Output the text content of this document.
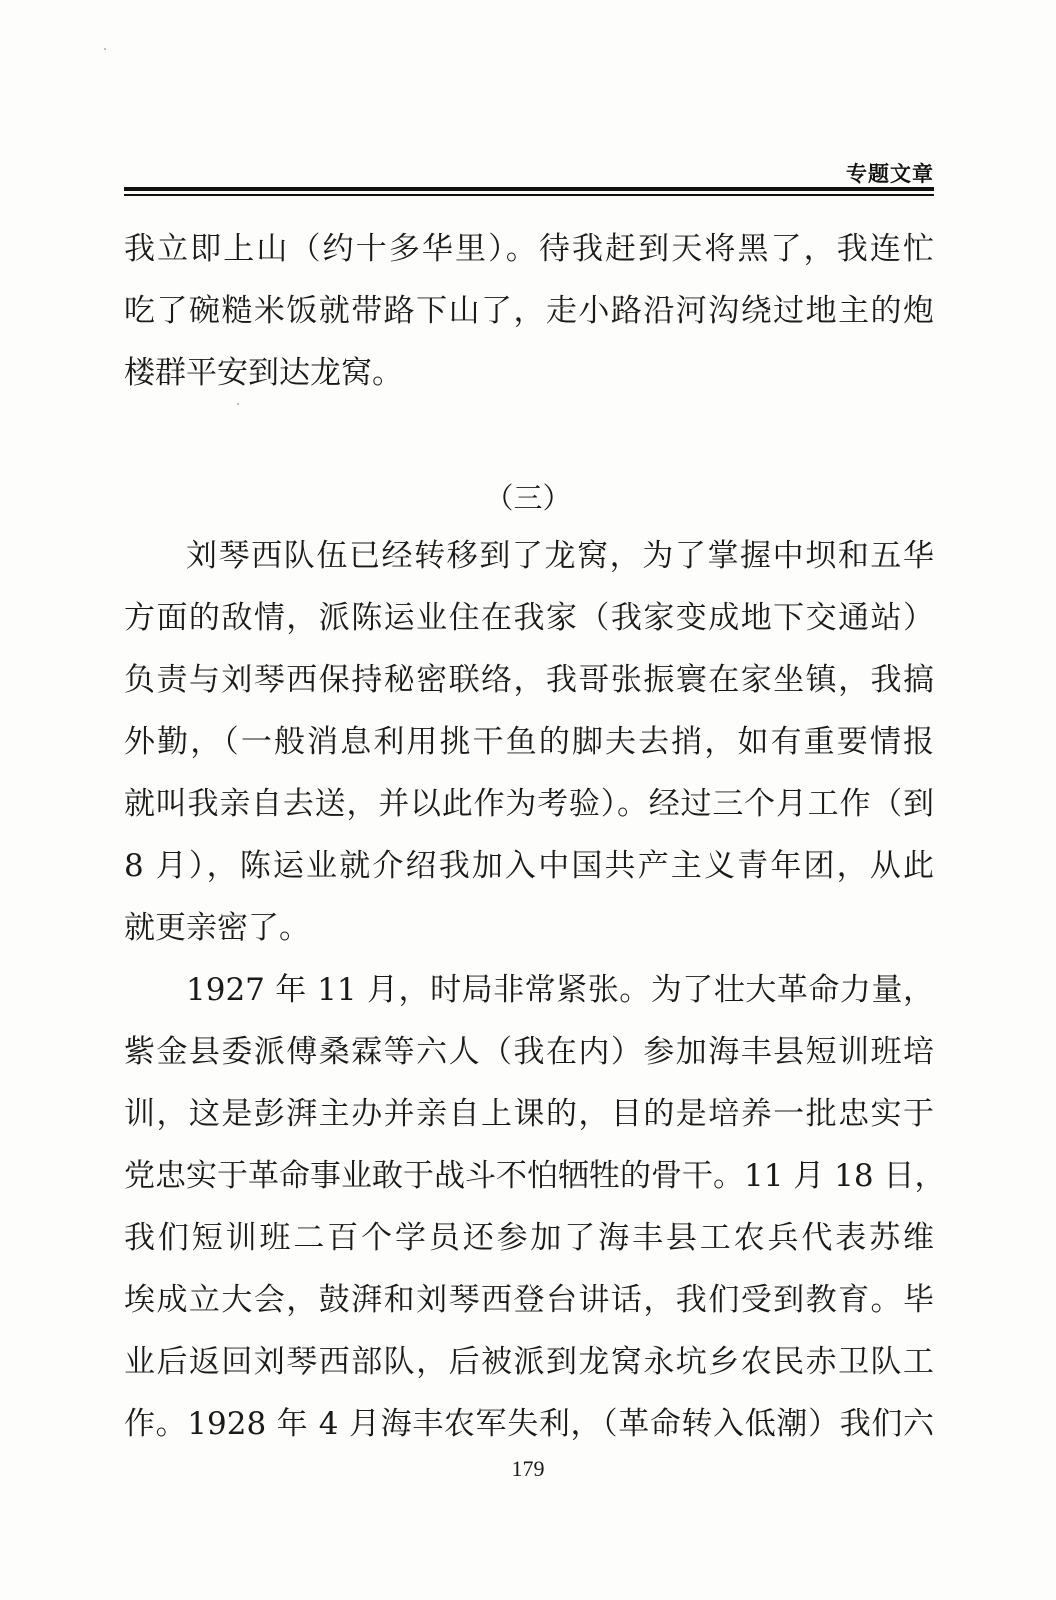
专题文章
我立即上山（约十多华里）。待我赶到天将黑了，我连忙
吃了碗糙米饭就带路下山了，走小路沿河沟绕过地主的炮
楼群平安到达龙窝。
（三）
刘琴西队伍已经转移到了龙窝，为了掌握中坝和五华
方面的敌情，派陈运业住在我家（我家变成地下交通站）
负责与刘琴西保持秘密联络，我哥张振寰在家坐镇，我搞
外勤，（一般消息利用挑干鱼的脚夫去捎，如有重要情报
就叫我亲自去送，并以此作为考验）。经过三个月工作（到
8 月），陈运业就介绍我加入中国共产主义青年团，从此
就更亲密了。
1927 年 11 月，时局非常紧张。为了壮大革命力量，
紫金县委派傅桑霖等六人（我在内）参加海丰县短训班培
训，这是彭湃主办并亲自上课的，目的是培养一批忠实于
党忠实于革命事业敢于战斗不怕牺牲的骨干。11 月 18 日，
我们短训班二百个学员还参加了海丰县工农兵代表苏维
埃成立大会，鼓湃和刘琴西登台讲话，我们受到教育。毕
业后返回刘琴西部队，后被派到龙窝永坑乡农民赤卫队工
作。1928 年 4 月海丰农军失利，（革命转入低潮）我们六
179
